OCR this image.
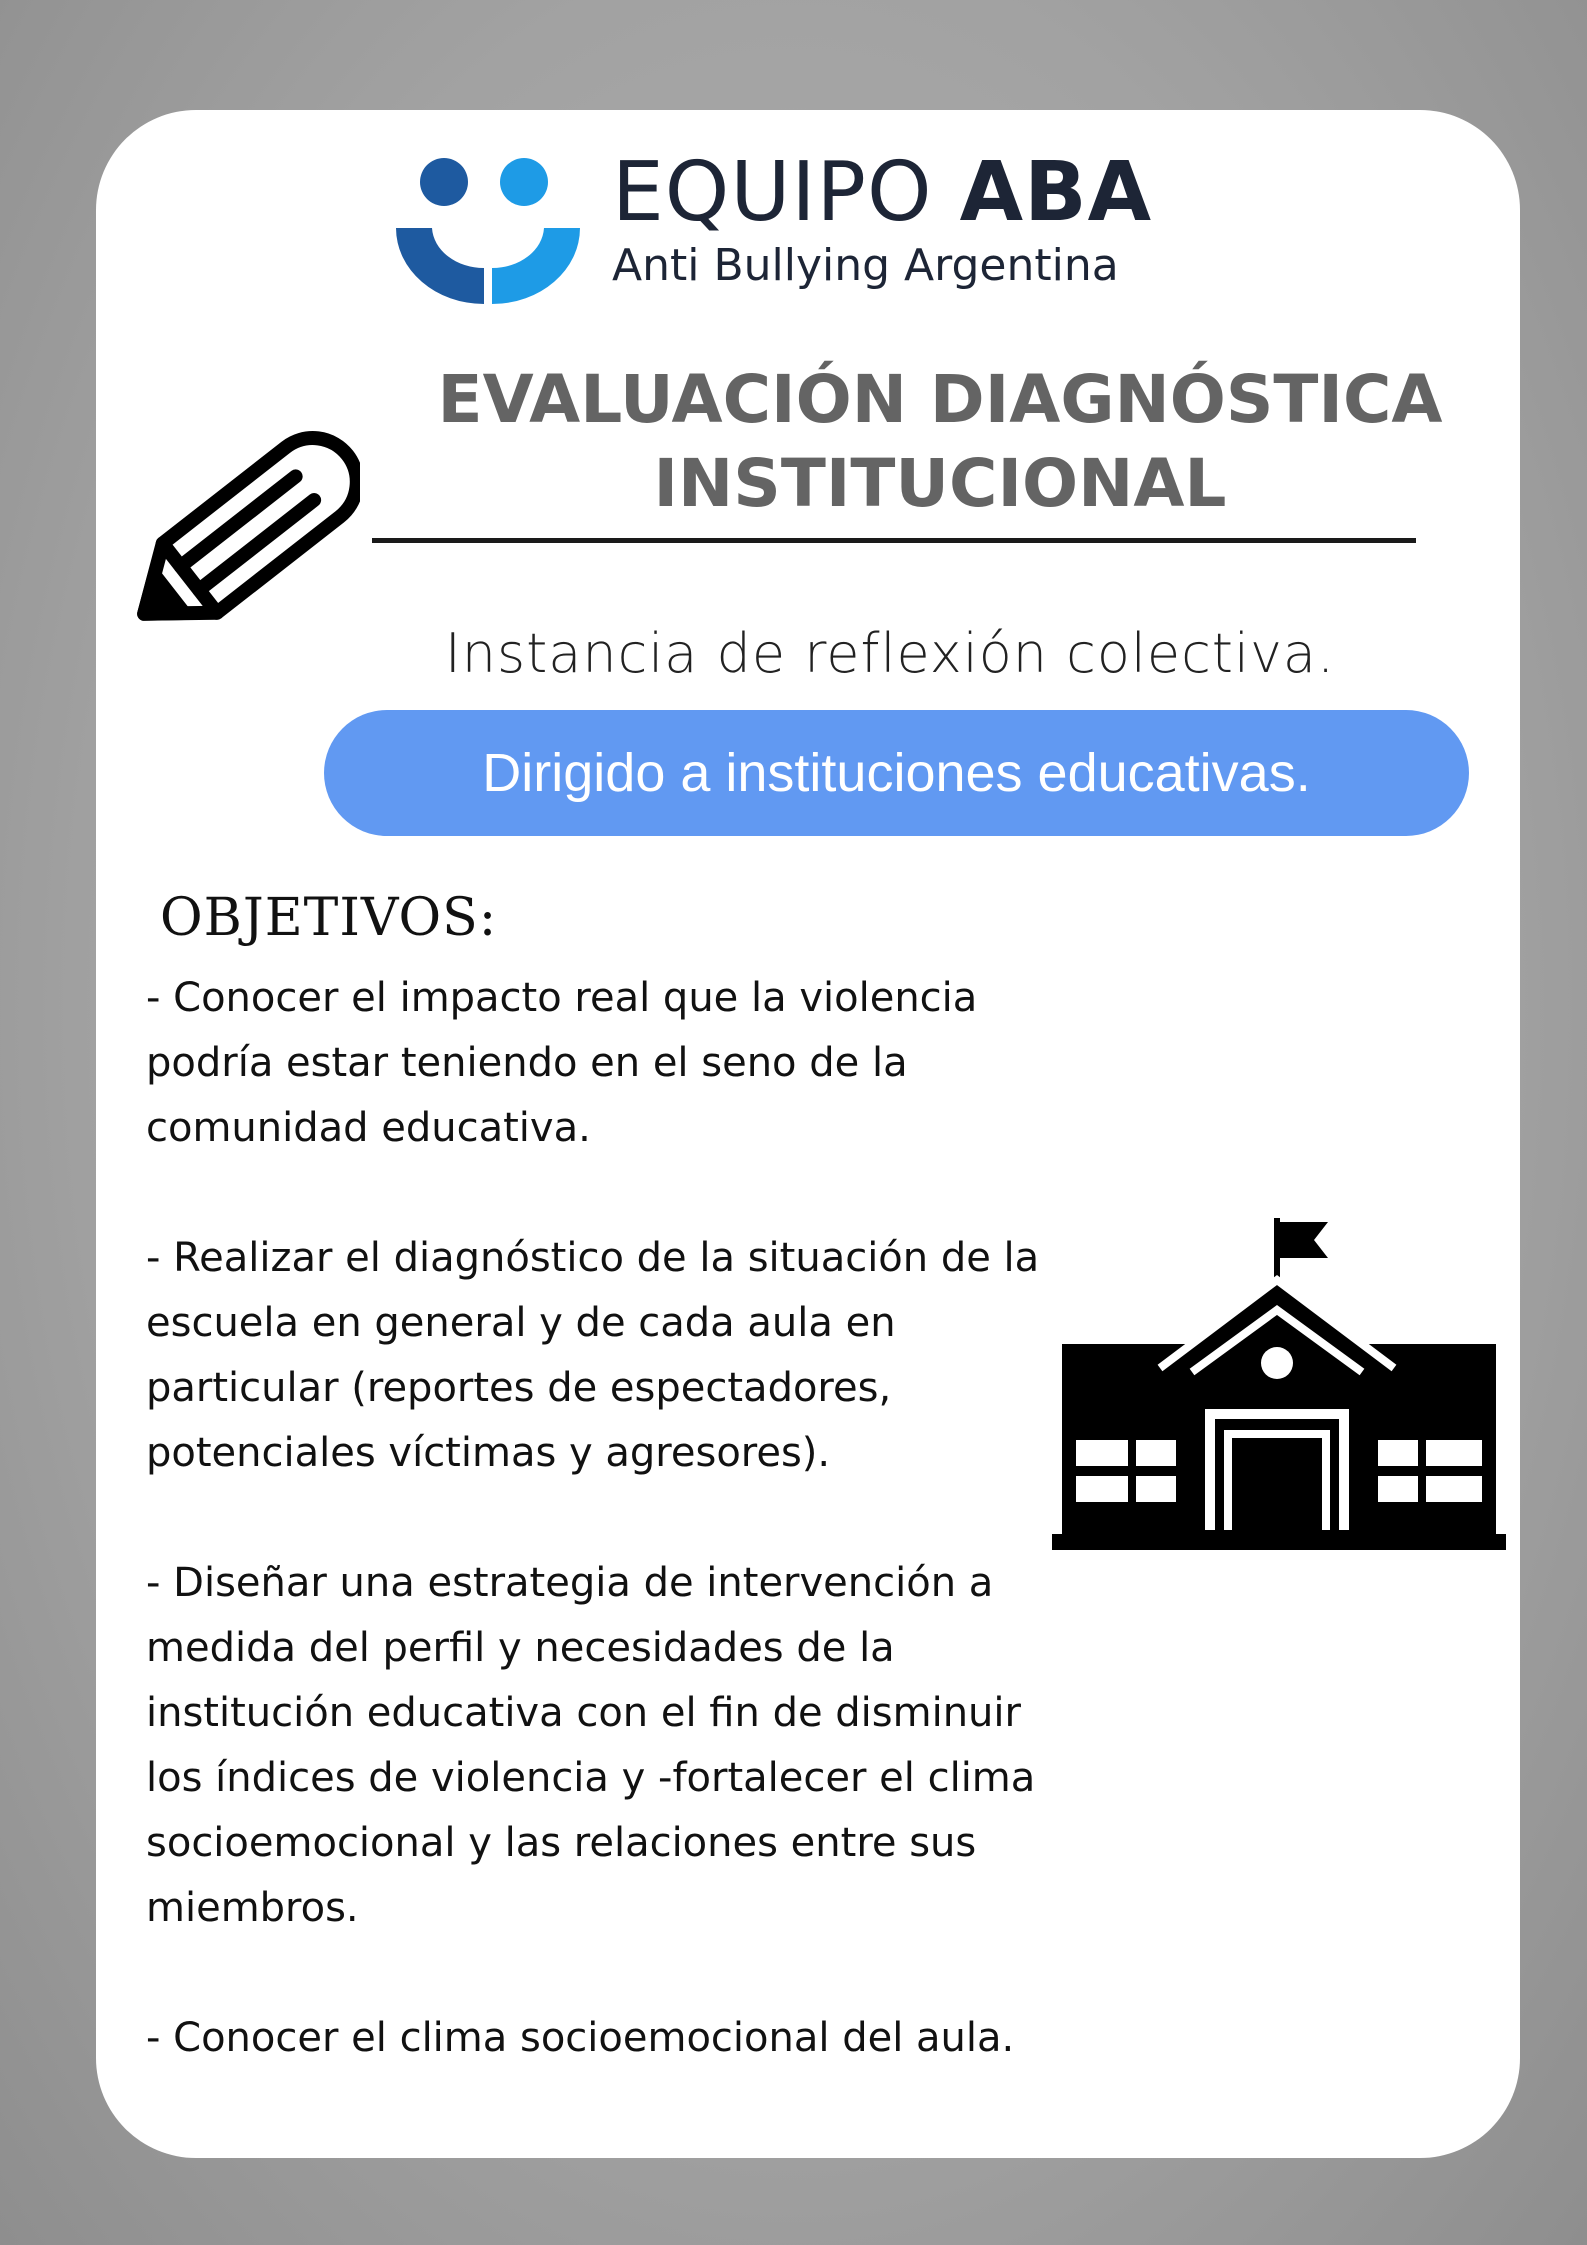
EQUIPO ABA
Anti Bullying Argentina
EVALUACIÓN DIAGNÓSTICA
INSTITUCIONAL
Instancia de reflexión colectiva.
Dirigido a instituciones educativas.
OBJETIVOS:

- Conocer el impacto real que la violencia podría estar teniendo en el seno de la comunidad educativa.

- Realizar el diagnóstico de la situación de la escuela en general y de cada aula en particular (reportes de espectadores, potenciales víctimas y agresores).

- Diseñar una estrategia de intervención a medida del perfil y necesidades de la institución educativa con el fin de disminuir los índices de violencia y -fortalecer el clima socioemocional y las relaciones entre sus miembros.

- Conocer el clima socioemocional del aula.
